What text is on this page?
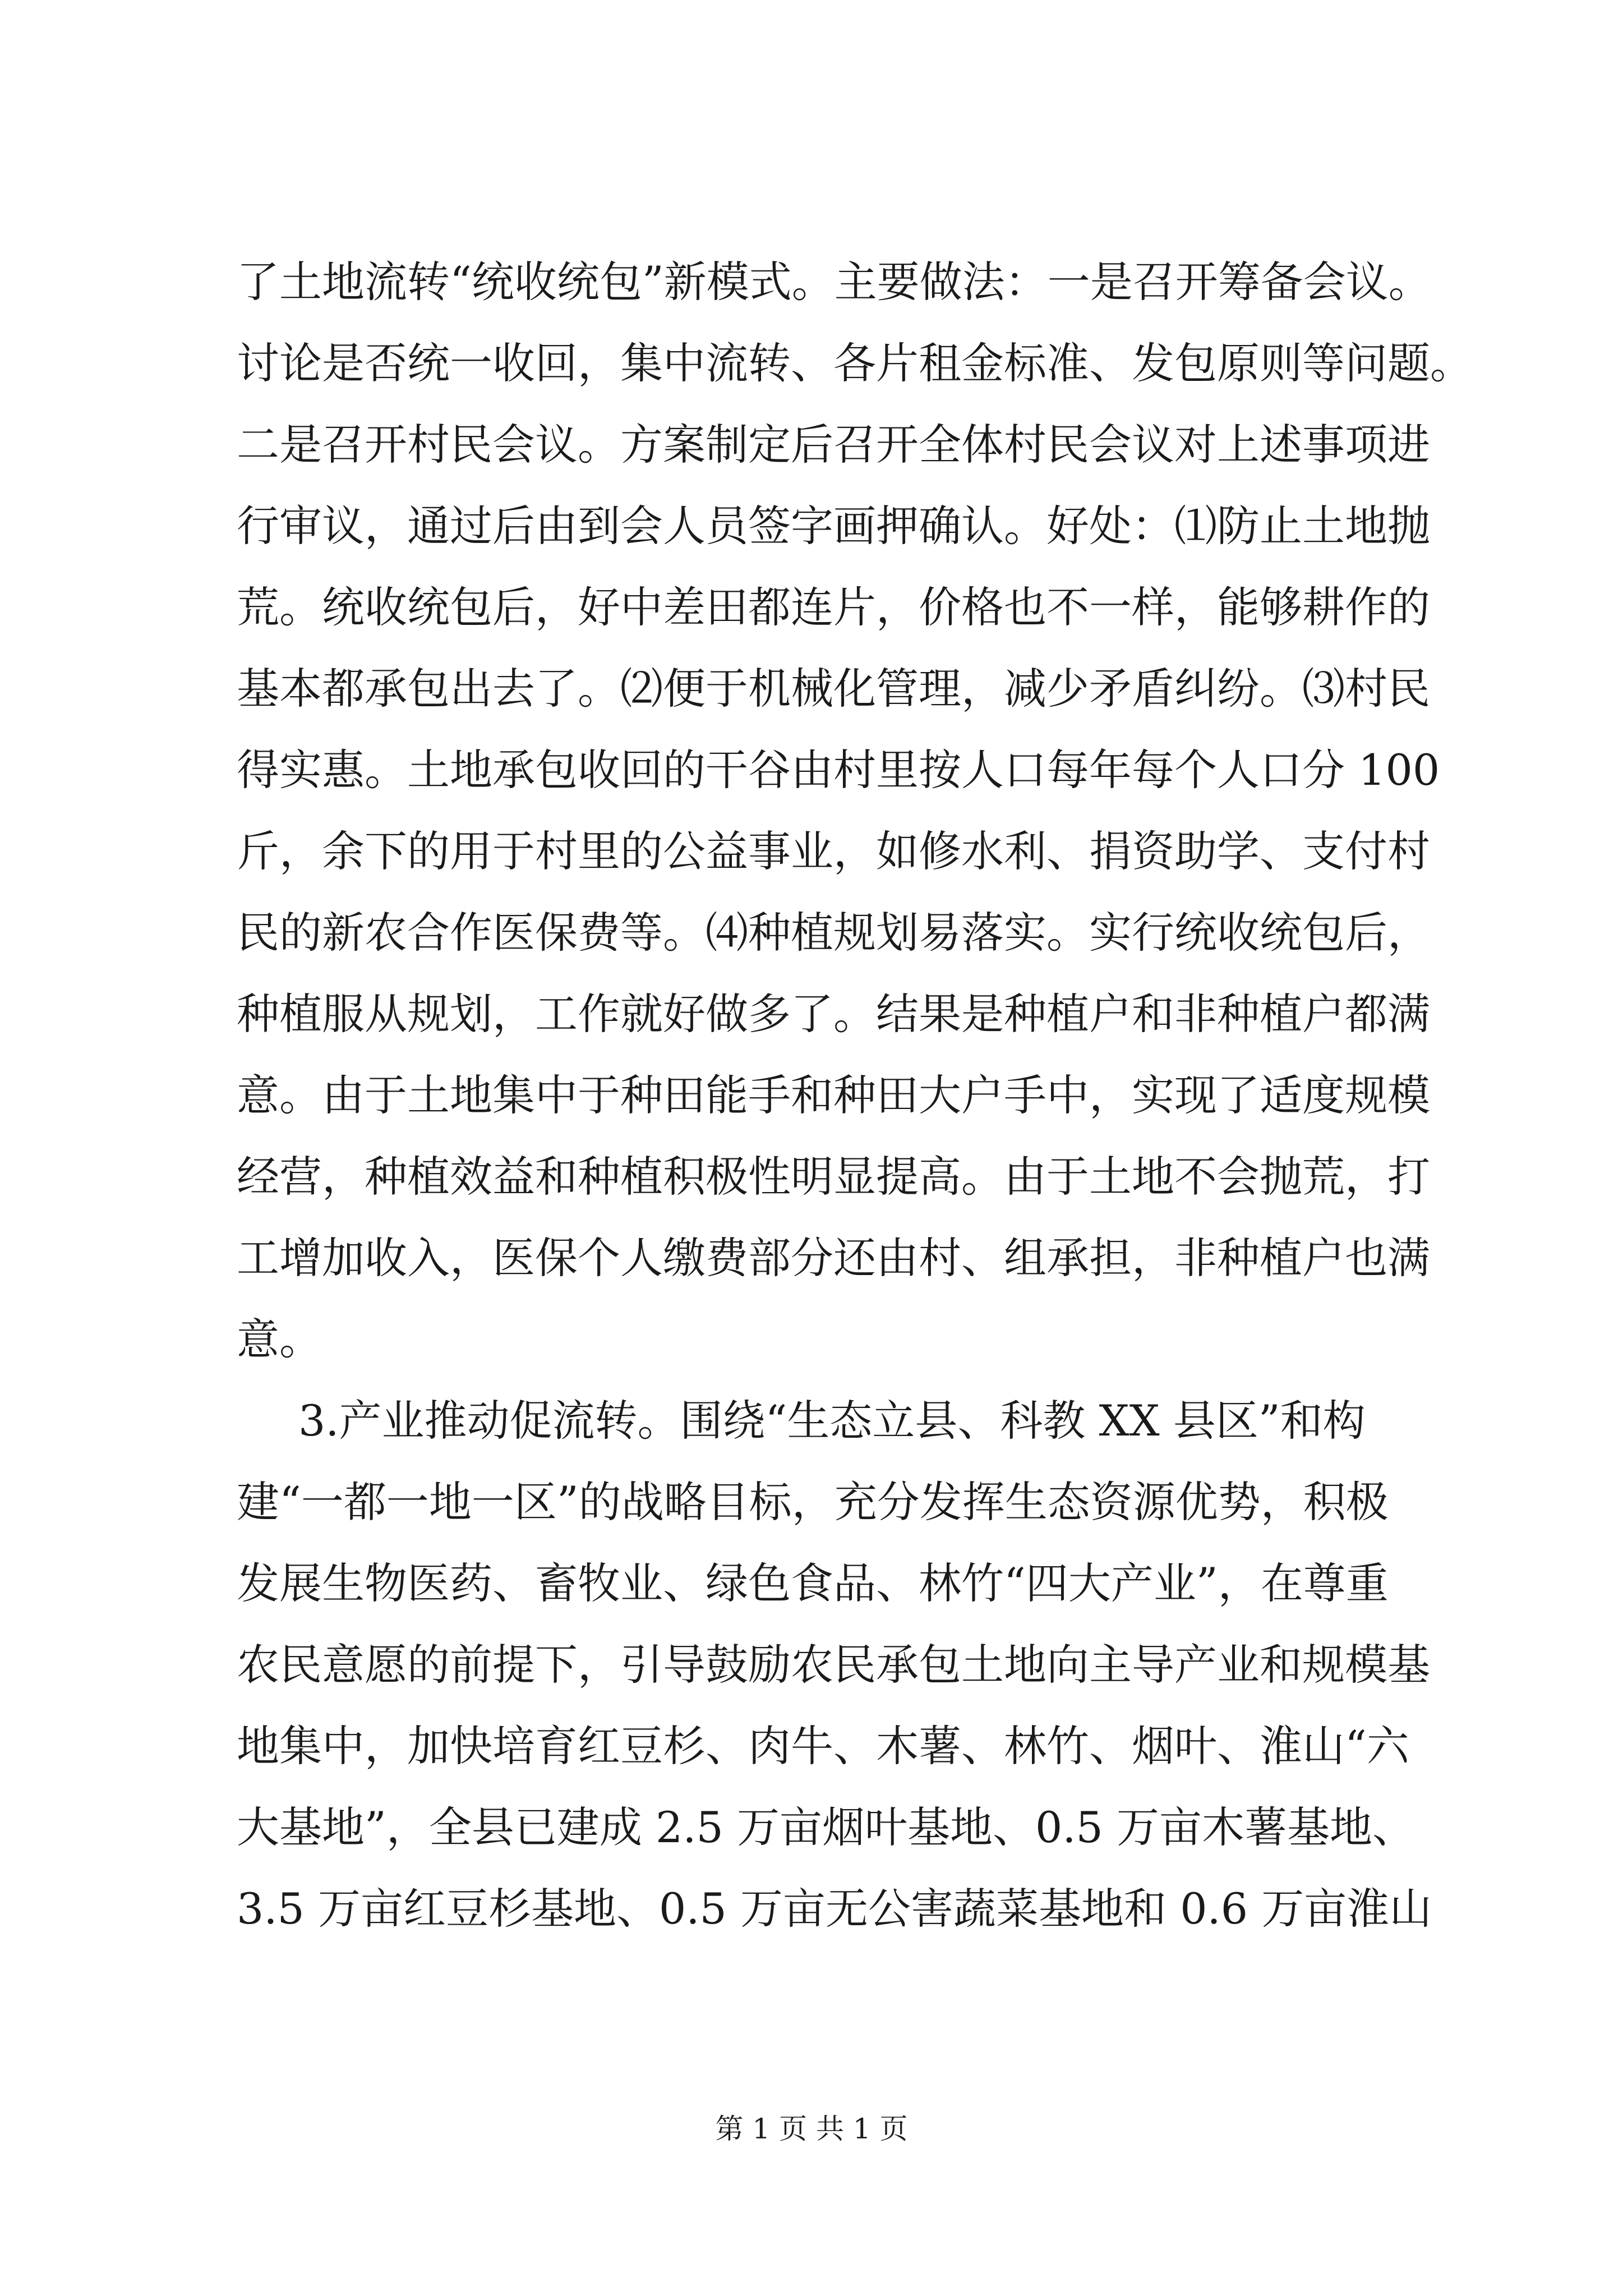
了土地流转“统收统包”新模式。主要做法：一是召开筹备会议。
讨论是否统一收回，集中流转、各片租金标准、发包原则等问题。
二是召开村民会议。方案制定后召开全体村民会议对上述事项进
行审议，通过后由到会人员签字画押确认。好处：⑴防止土地抛
荒。统收统包后，好中差田都连片，价格也不一样，能够耕作的
基本都承包出去了。⑵便于机械化管理，减少矛盾纠纷。⑶村民
得实惠。土地承包收回的干谷由村里按人口每年每个人口分 100
斤，余下的用于村里的公益事业，如修水利、捐资助学、支付村
民的新农合作医保费等。⑷种植规划易落实。实行统收统包后，
种植服从规划，工作就好做多了。结果是种植户和非种植户都满
意。由于土地集中于种田能手和种田大户手中，实现了适度规模
经营，种植效益和种植积极性明显提高。由于土地不会抛荒，打
工增加收入，医保个人缴费部分还由村、组承担，非种植户也满
意。
3.产业推动促流转。围绕“生态立县、科教 XX 县区”和构
建“一都一地一区”的战略目标，充分发挥生态资源优势，积极
发展生物医药、畜牧业、绿色食品、林竹“四大产业”，在尊重
农民意愿的前提下，引导鼓励农民承包土地向主导产业和规模基
地集中，加快培育红豆杉、肉牛、木薯、林竹、烟叶、淮山“六
大基地”，全县已建成 2.5 万亩烟叶基地、0.5 万亩木薯基地、
3.5 万亩红豆杉基地、0.5 万亩无公害蔬菜基地和 0.6 万亩淮山
第 1 页 共 1 页
